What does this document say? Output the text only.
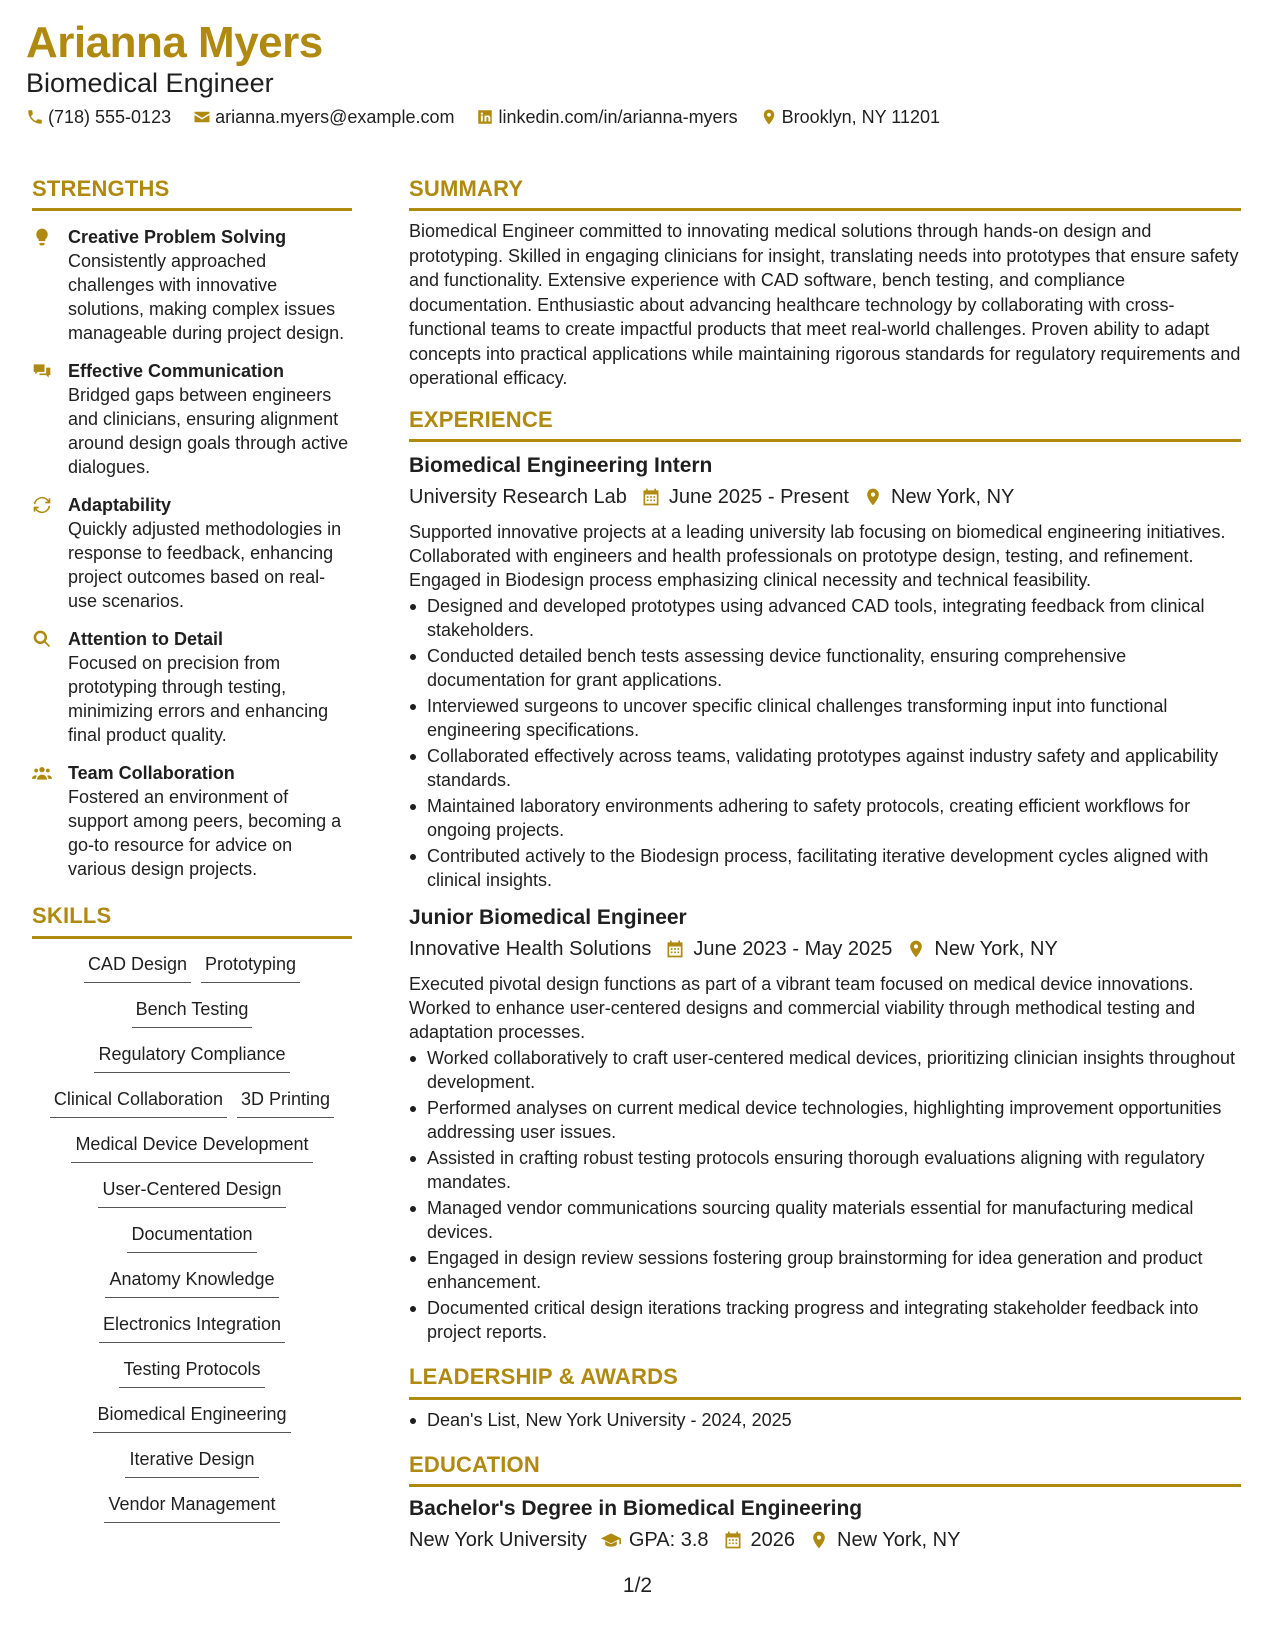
Arianna Myers
Biomedical Engineer
(718) 555-0123 arianna.myers@example.com linkedin.com/in/arianna-myers Brooklyn, NY 11201
STRENGTHS
Creative Problem Solving
Consistently approached challenges with innovative solutions, making complex issues manageable during project design.
Effective Communication
Bridged gaps between engineers and clinicians, ensuring alignment around design goals through active dialogues.
Adaptability
Quickly adjusted methodologies in response to feedback, enhancing project outcomes based on real-use scenarios.
Attention to Detail
Focused on precision from prototyping through testing, minimizing errors and enhancing final product quality.
Team Collaboration
Fostered an environment of support among peers, becoming a go-to resource for advice on various design projects.
SKILLS
CAD Design Prototyping
Bench Testing
Regulatory Compliance
Clinical Collaboration 3D Printing
Medical Device Development
User-Centered Design
Documentation
Anatomy Knowledge
Electronics Integration
Testing Protocols
Biomedical Engineering
Iterative Design
Vendor Management
SUMMARY
Biomedical Engineer committed to innovating medical solutions through hands-on design and prototyping. Skilled in engaging clinicians for insight, translating needs into prototypes that ensure safety and functionality. Extensive experience with CAD software, bench testing, and compliance documentation. Enthusiastic about advancing healthcare technology by collaborating with cross-functional teams to create impactful products that meet real-world challenges. Proven ability to adapt concepts into practical applications while maintaining rigorous standards for regulatory requirements and operational efficacy.
EXPERIENCE
Biomedical Engineering Intern
University Research Lab June 2025 - Present New York, NY
Supported innovative projects at a leading university lab focusing on biomedical engineering initiatives. Collaborated with engineers and health professionals on prototype design, testing, and refinement. Engaged in Biodesign process emphasizing clinical necessity and technical feasibility.
Designed and developed prototypes using advanced CAD tools, integrating feedback from clinical stakeholders.
Conducted detailed bench tests assessing device functionality, ensuring comprehensive documentation for grant applications.
Interviewed surgeons to uncover specific clinical challenges transforming input into functional engineering specifications.
Collaborated effectively across teams, validating prototypes against industry safety and applicability standards.
Maintained laboratory environments adhering to safety protocols, creating efficient workflows for ongoing projects.
Contributed actively to the Biodesign process, facilitating iterative development cycles aligned with clinical insights.
Junior Biomedical Engineer
Innovative Health Solutions June 2023 - May 2025 New York, NY
Executed pivotal design functions as part of a vibrant team focused on medical device innovations. Worked to enhance user-centered designs and commercial viability through methodical testing and adaptation processes.
Worked collaboratively to craft user-centered medical devices, prioritizing clinician insights throughout development.
Performed analyses on current medical device technologies, highlighting improvement opportunities addressing user issues.
Assisted in crafting robust testing protocols ensuring thorough evaluations aligning with regulatory mandates.
Managed vendor communications sourcing quality materials essential for manufacturing medical devices.
Engaged in design review sessions fostering group brainstorming for idea generation and product enhancement.
Documented critical design iterations tracking progress and integrating stakeholder feedback into project reports.
LEADERSHIP & AWARDS
Dean's List, New York University - 2024, 2025
EDUCATION
Bachelor's Degree in Biomedical Engineering
New York University GPA: 3.8 2026 New York, NY
1/2
